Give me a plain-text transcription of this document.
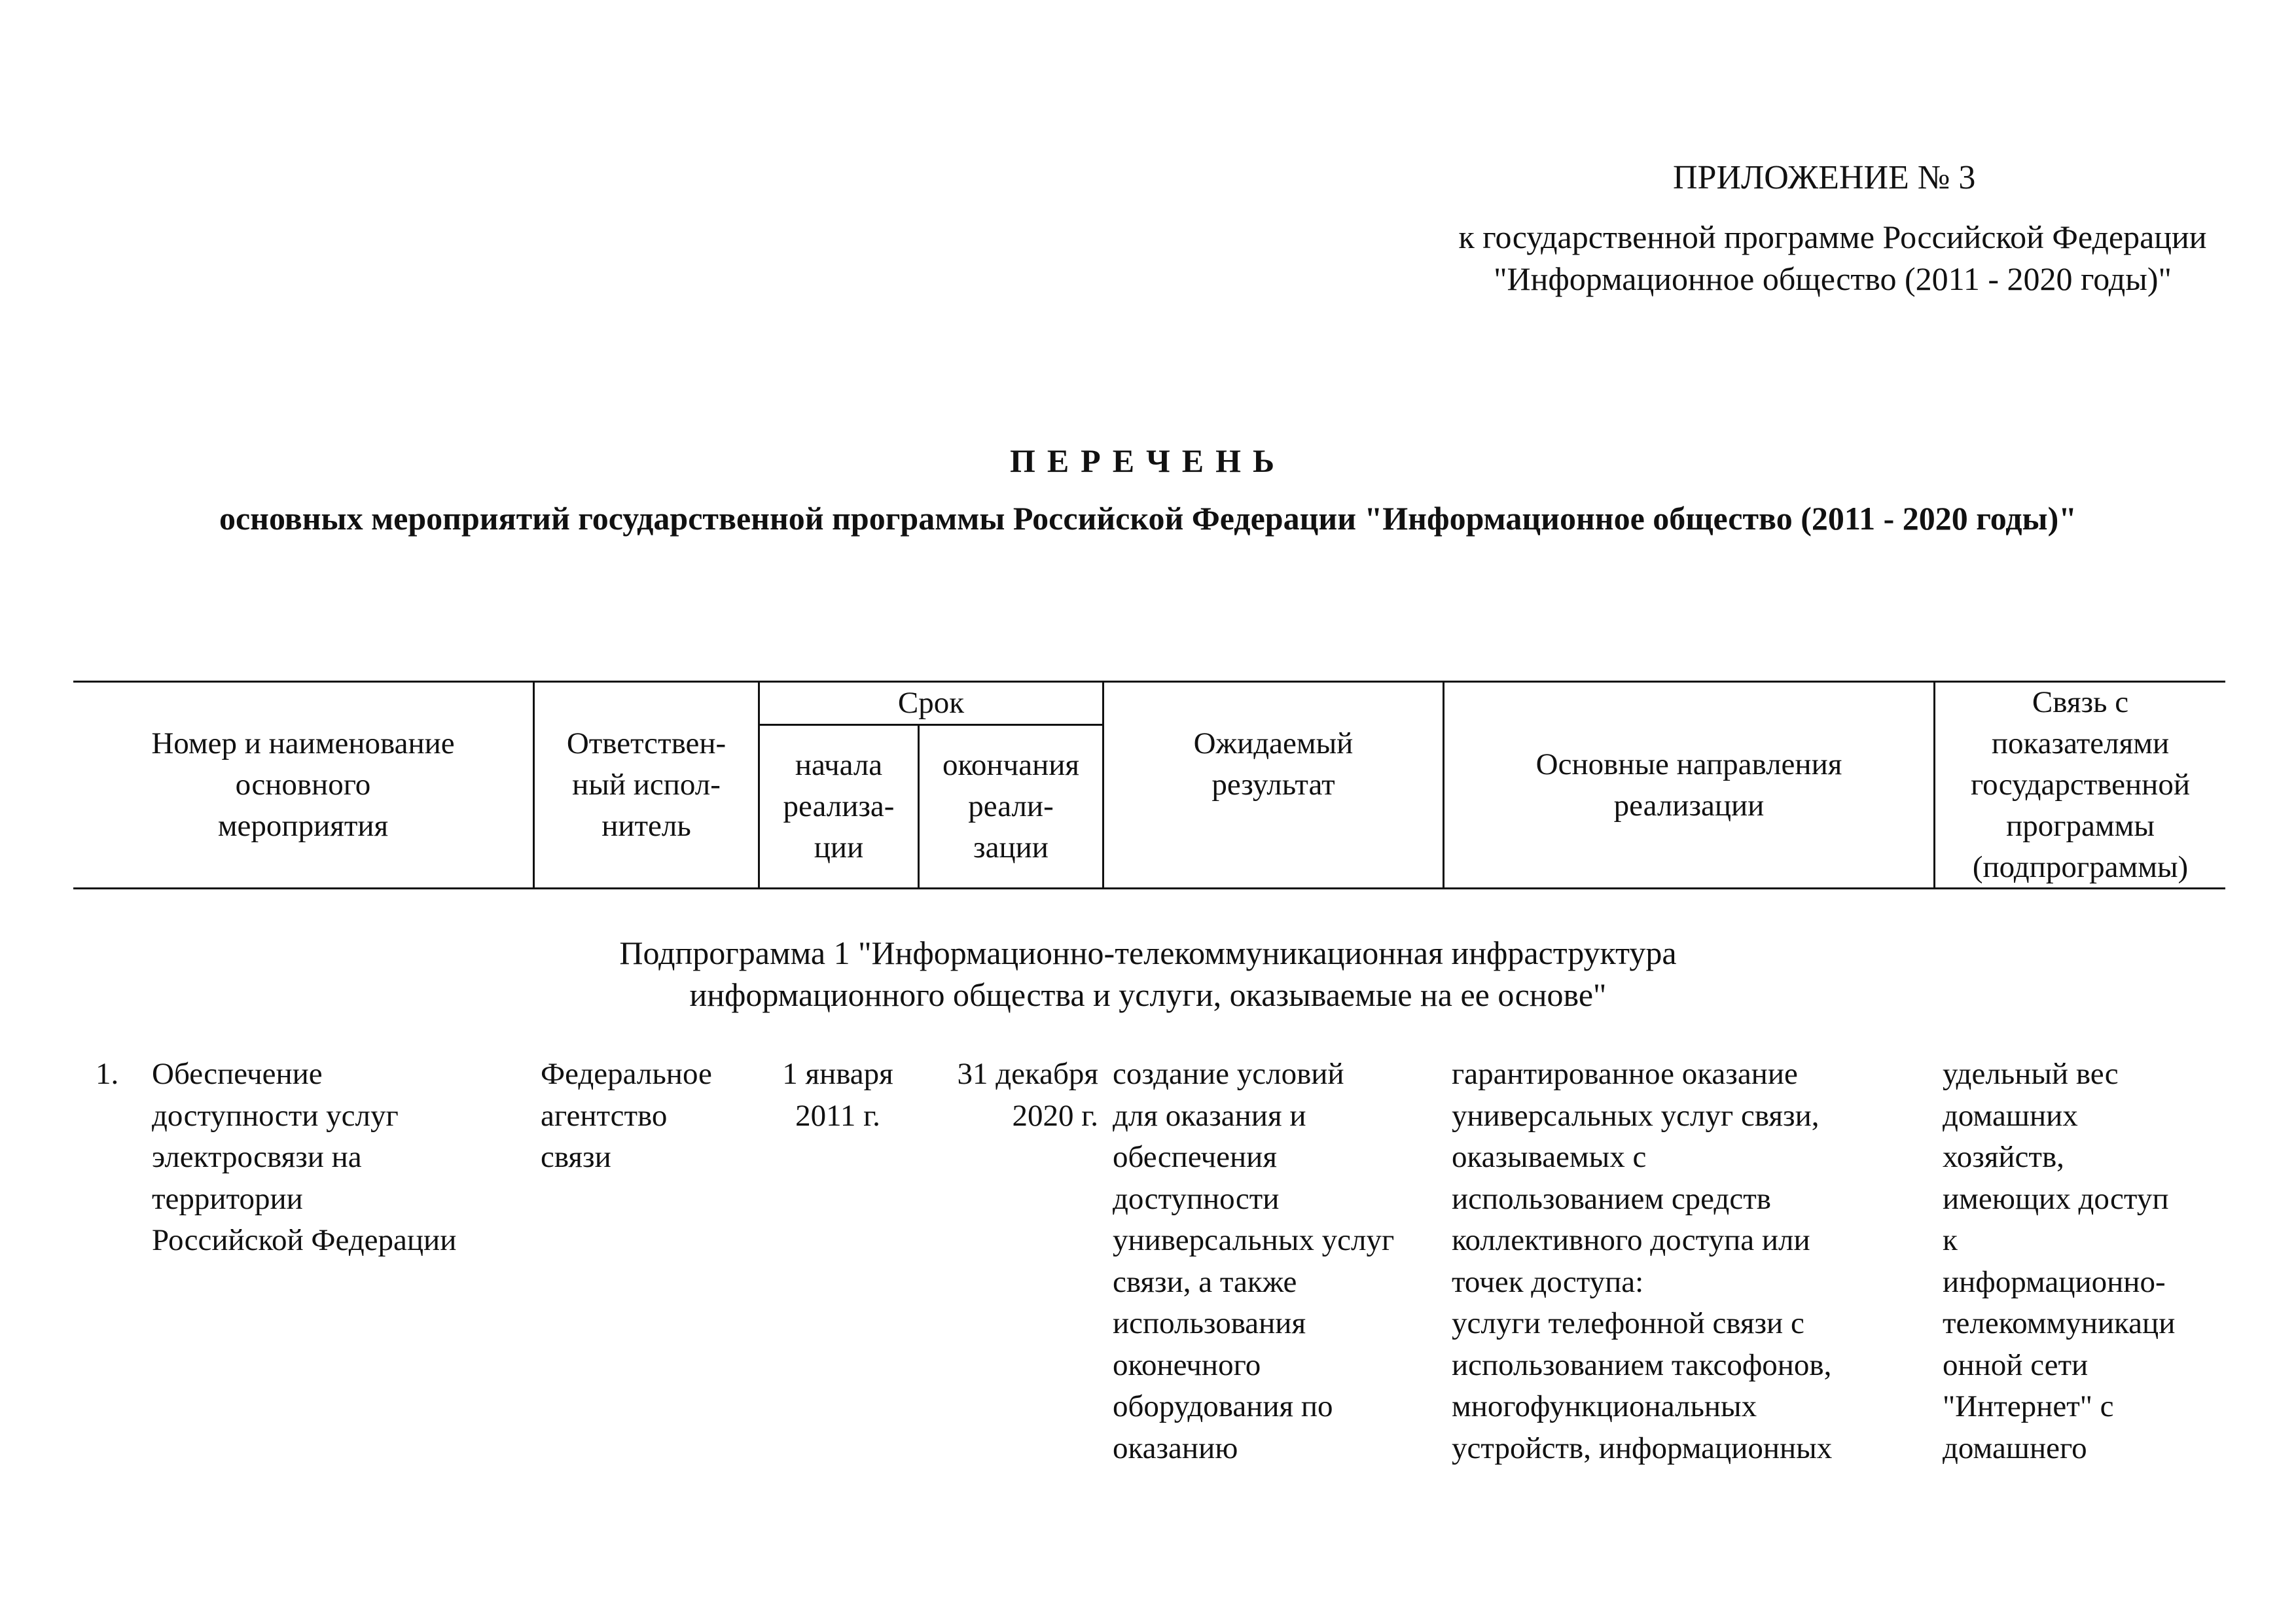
ПРИЛОЖЕНИЕ № 3
к государственной программе Российской Федерации "Информационное общество (2011 - 2020 годы)"
ПЕРЕЧЕНЬ
основных мероприятий государственной программы Российской Федерации "Информационное общество (2011 - 2020 годы)"
Номер и наименование
основного
мероприятия
Ответствен-
ный испол-
нитель
Срок
начала
реализа-
ции
окончания
реали-
зации
Ожидаемый
результат
Основные направления
реализации
Связь с
показателями
государственной
программы
(подпрограммы)
Подпрограмма 1 "Информационно-телекоммуникационная инфраструктура
информационного общества и услуги, оказываемые на ее основе"
1. Обеспечение
доступности услуг
электросвязи на
территории
Российской Федерации
Федеральное
агентство
связи
1 января
2011 г.
31 декабря
2020 г.
создание условий
для оказания и
обеспечения
доступности
универсальных услуг
связи, а также
использования
оконечного
оборудования по
оказанию
гарантированное оказание
универсальных услуг связи,
оказываемых с
использованием средств
коллективного доступа или
точек доступа:
услуги телефонной связи с
использованием таксофонов,
многофункциональных
устройств, информационных
удельный вес
домашних
хозяйств,
имеющих доступ
к
информационно-
телекоммуникаци
онной сети
"Интернет" с
домашнего
